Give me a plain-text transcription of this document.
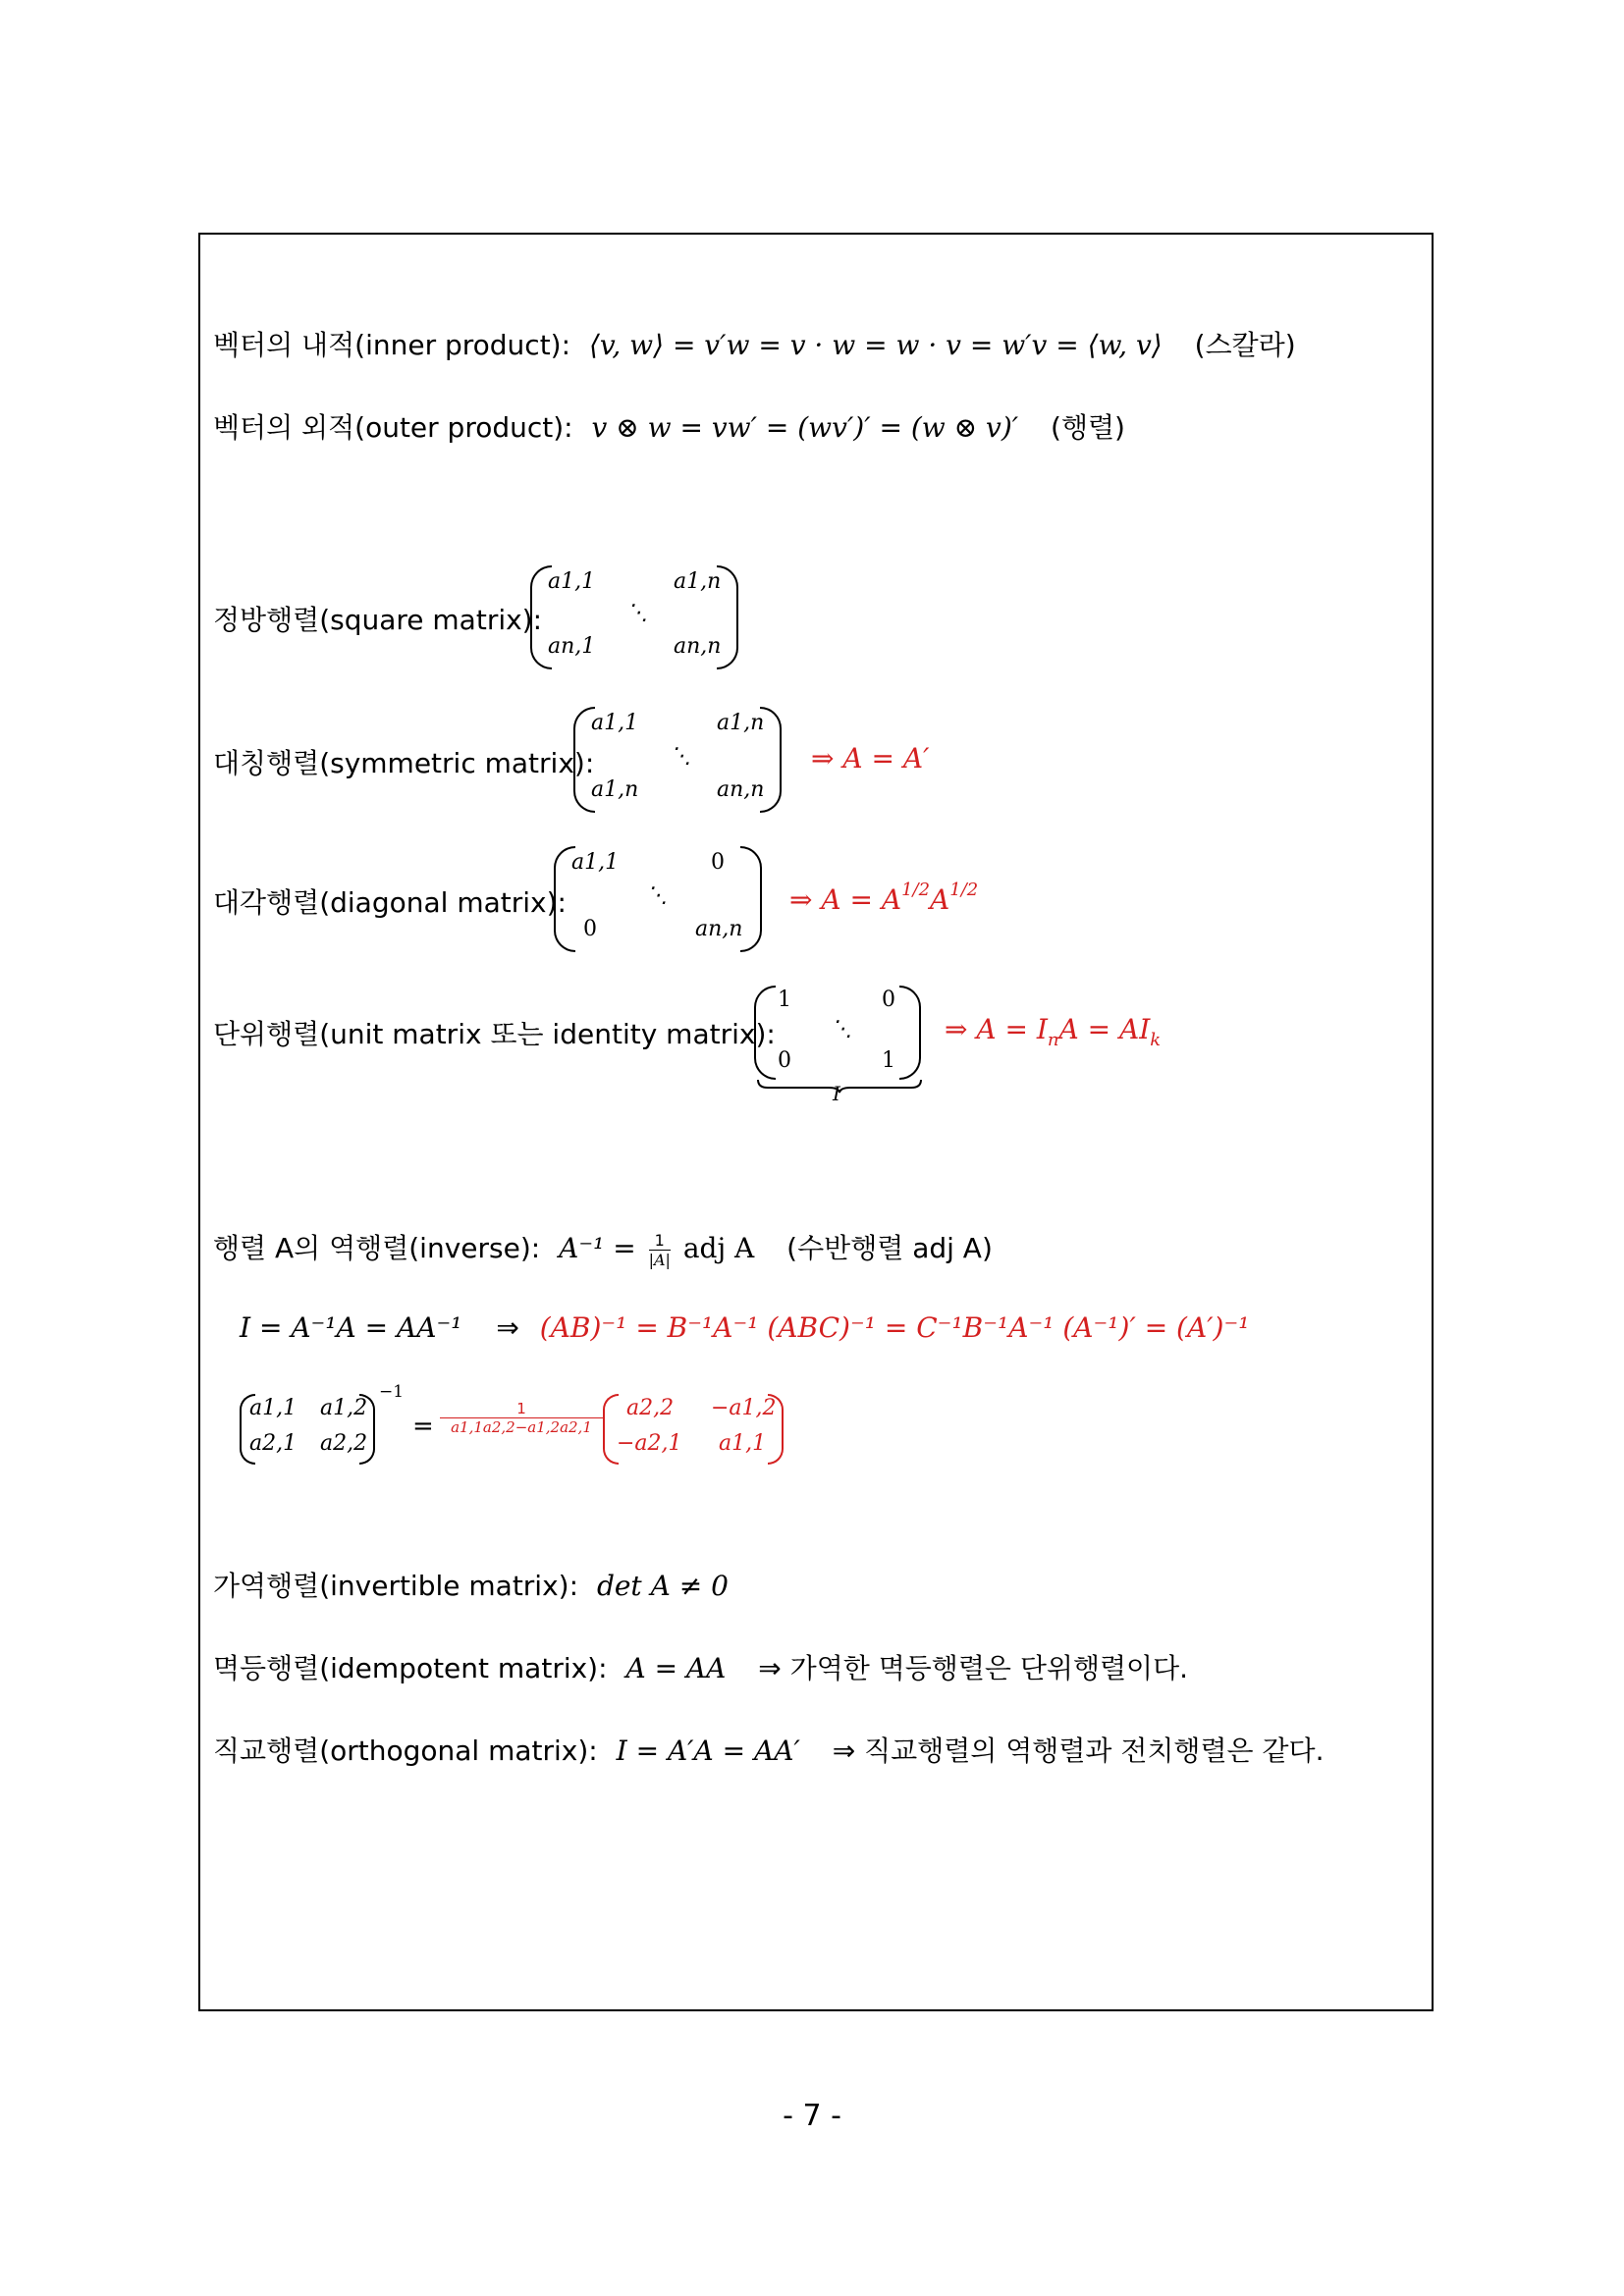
벡터의 내적(inner product): ⟨v, w⟩ = v′w = v · w = w · v = w′v = ⟨w, v⟩ (스칼라)
벡터의 외적(outer product): v ⊗ w = vw′ = (wv′)′ = (w ⊗ v)′ (행렬)
정방행렬(square matrix):
a1,1	a1,n
⋱
an,1	an,n
대칭행렬(symmetric matrix):
a1,1	a1,n
⋱
a1,n	an,n
⇒ A = A′
대각행렬(diagonal matrix):
a1,1	0
⋱
0	an,n
⇒ $A = A^{1/2}A^{1/2}$
단위행렬(unit matrix 또는 identity matrix):
1	0
⋱
0	1
I
⇒ $A = I_nA = AI_k$
행렬 A의 역행렬(inverse): $A^{-1} = \frac{1}{|A|}$ adj A (수반행렬 adj A)
I = A⁻¹A = AA⁻¹ ⇒ (AB)⁻¹ = B⁻¹A⁻¹ (ABC)⁻¹ = C⁻¹B⁻¹A⁻¹ (A⁻¹)′ = (A′)⁻¹
a1,1 a1,2
a2,1 a2,2
−1
=
1
a1,1a2,2−a1,2a2,1
a2,2 −a1,2
−a2,1 a1,1
가역행렬(invertible matrix): det A ≠ 0
멱등행렬(idempotent matrix): A = AA ⇒ 가역한 멱등행렬은 단위행렬이다.
직교행렬(orthogonal matrix): I = A′A = AA′ ⇒ 직교행렬의 역행렬과 전치행렬은 같다.
- 7 -
